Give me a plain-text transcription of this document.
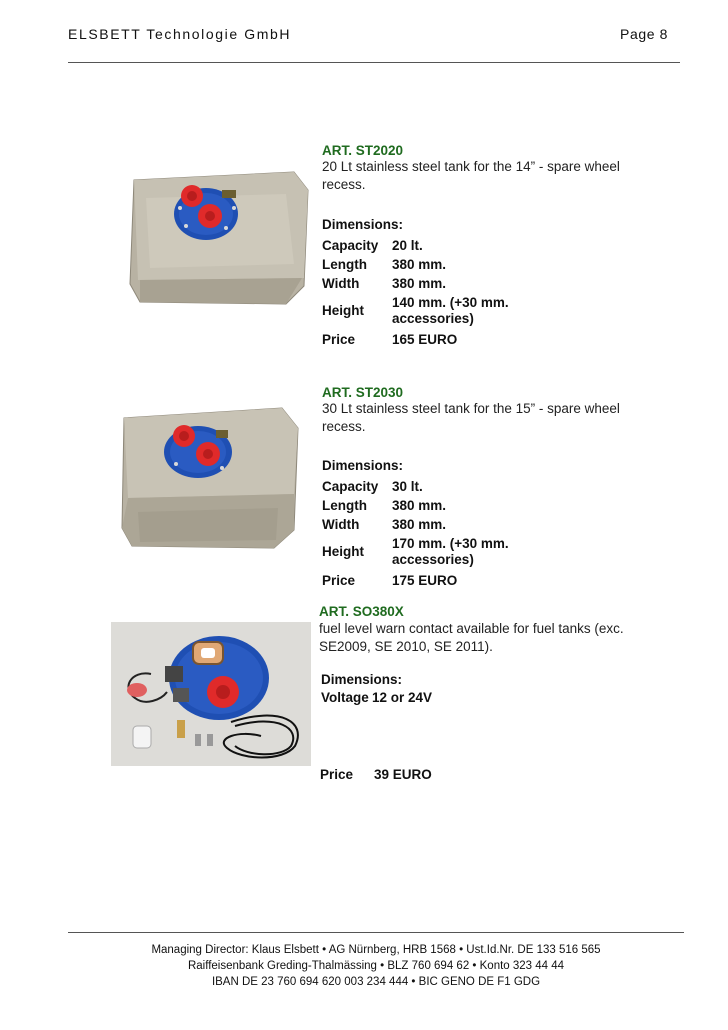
ELSBETT Technologie GmbH	Page 8
ART. ST2020
20 Lt stainless steel tank for the 14” - spare wheel recess.
Dimensions:	
Capacity	20 lt.
Length	380 mm.
Width	380 mm.
Height	140 mm. (+30 mm. accessories)
Price	165 EURO
ART. ST2030
30 Lt stainless steel tank for the 15” - spare wheel recess.
Dimensions:	
Capacity	30 lt.
Length	380 mm.
Width	380 mm.
Height	170 mm. (+30 mm. accessories)
Price	175 EURO
ART. SO380X
fuel level warn contact available for fuel tanks (exc. SE2009, SE 2010, SE 2011).
Dimensions:
Voltage 12 or 24V
Price 39 EURO
Managing Director: Klaus Elsbett • AG Nürnberg, HRB 1568 • Ust.Id.Nr. DE 133 516 565
Raiffeisenbank Greding-Thalmässing • BLZ 760 694 62 • Konto 323 44 44
IBAN DE 23 760 694 620 003 234 444 • BIC GENO DE F1 GDG
